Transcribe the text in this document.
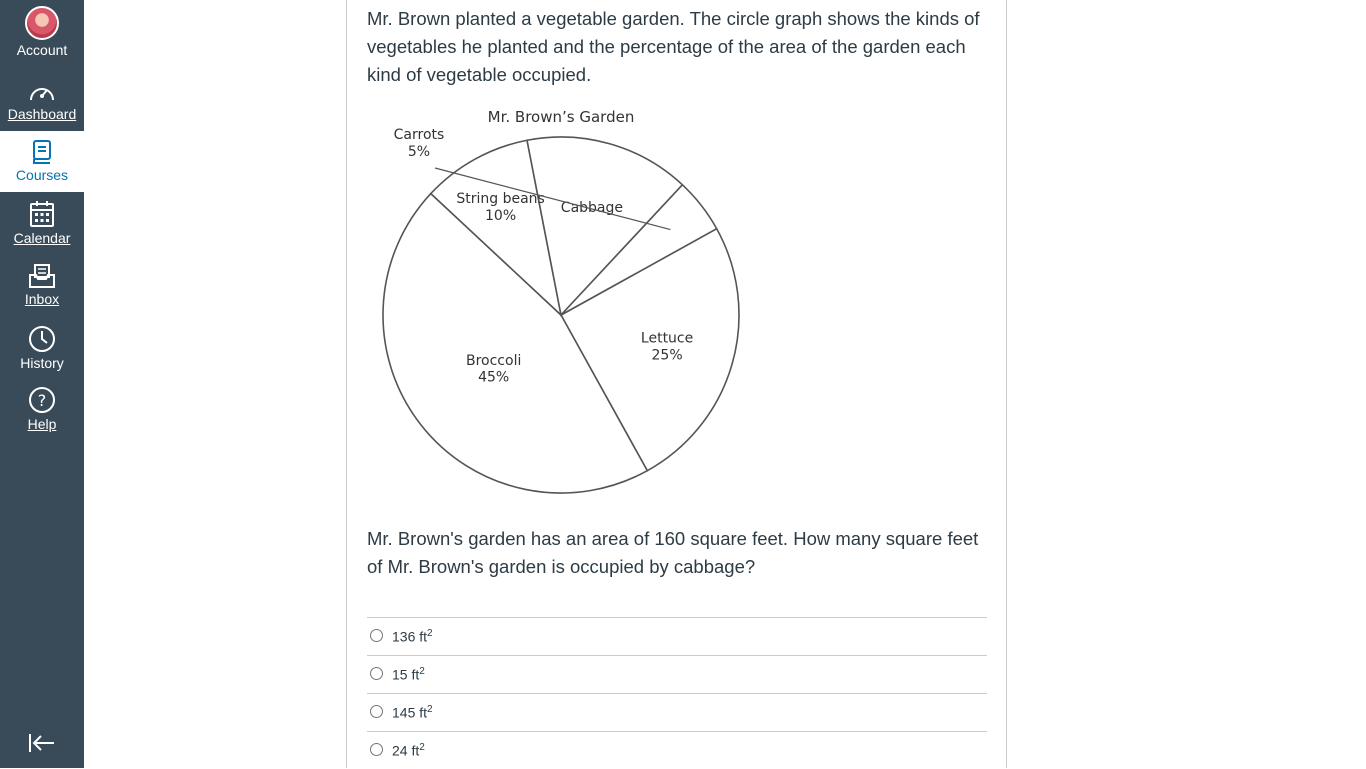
Account
Dashboard
Courses
Calendar
Inbox
History
?
Help

Mr. Brown planted a vegetable garden. The circle graph shows the kinds of vegetables he planted and the percentage of the area of the garden each kind of vegetable occupied.

Mr. Brown’s Garden
Lettuce 25%
Broccoli 45%
String beans 10%	Cabbage
Carrots 5%

Mr. Brown's garden has an area of 160 square feet. How many square feet of Mr. Brown's garden is occupied by cabbage?

136 $ft^2$
15 $ft^2$
145 $ft^2$
24 $ft^2$
